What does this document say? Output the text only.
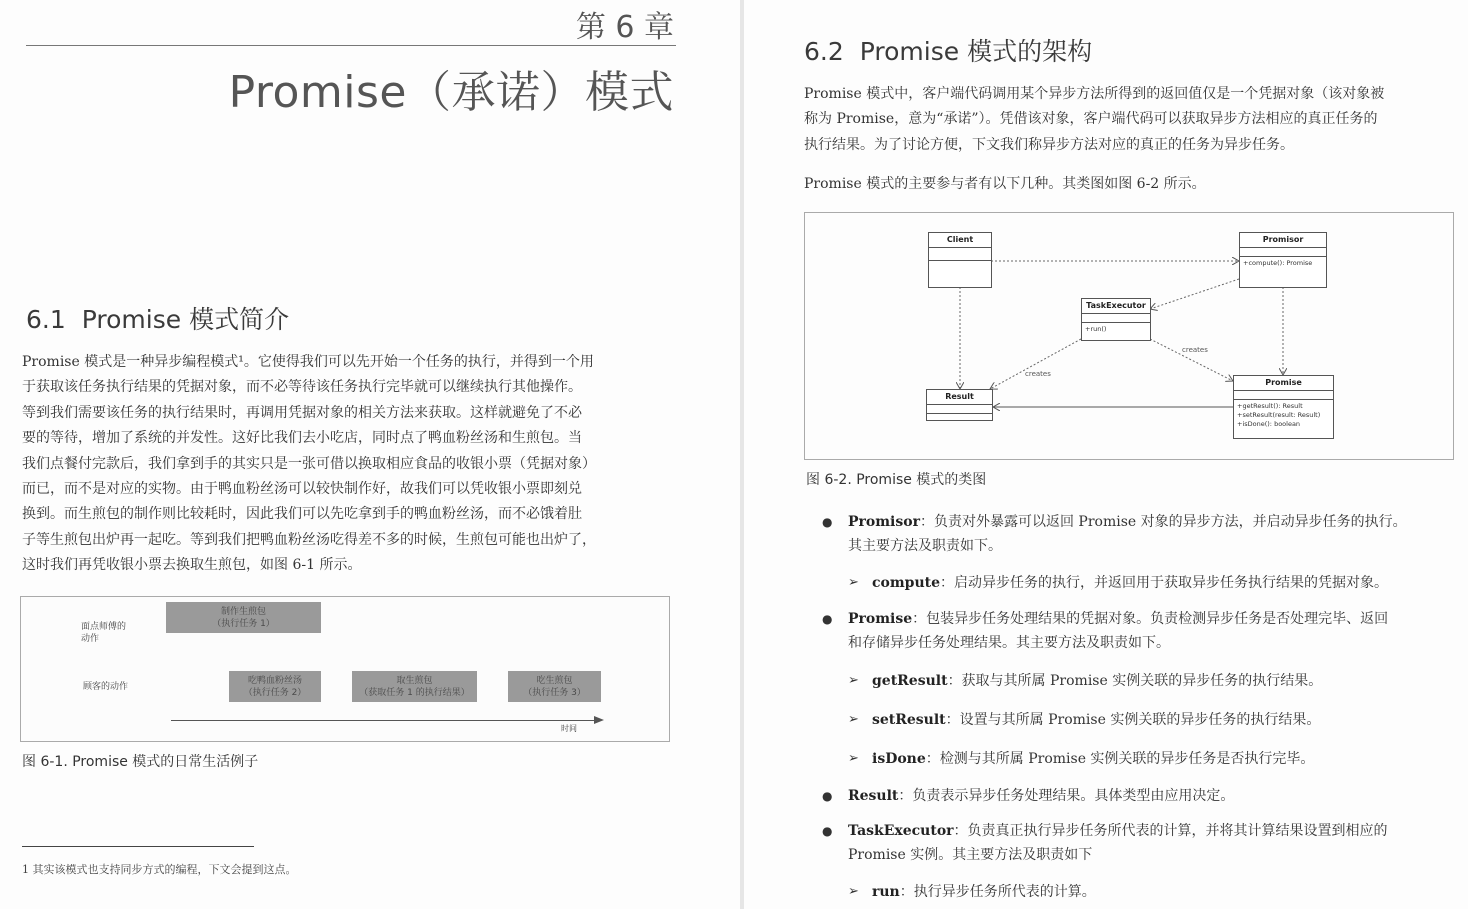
第 6 章
Promise（承诺）模式
6.1 Promise 模式简介

Promise 模式是一种异步编程模式¹。它使得我们可以先开始一个任务的执行，并得到一个用

于获取该任务执行结果的凭据对象，而不必等待该任务执行完毕就可以继续执行其他操作。

等到我们需要该任务的执行结果时，再调用凭据对象的相关方法来获取。这样就避免了不必

要的等待，增加了系统的并发性。这好比我们去小吃店，同时点了鸭血粉丝汤和生煎包。当

我们点餐付完款后，我们拿到手的其实只是一张可借以换取相应食品的收银小票（凭据对象）

而已，而不是对应的实物。由于鸭血粉丝汤可以较快制作好，故我们可以凭收银小票即刻兑

换到。而生煎包的制作则比较耗时，因此我们可以先吃拿到手的鸭血粉丝汤，而不必饿着肚

子等生煎包出炉再一起吃。等到我们把鸭血粉丝汤吃得差不多的时候，生煎包可能也出炉了，

这时我们再凭收银小票去换取生煎包，如图 6-1 所示。

面点师傅的
动作
顾客的动作
制作生煎包
（执行任务 1）
吃鸭血粉丝汤
（执行任务 2）
取生煎包
（获取任务 1 的执行结果）
吃生煎包
（执行任务 3）
时间
图 6-1. Promise 模式的日常生活例子
1 其实该模式也支持同步方式的编程，下文会提到这点。
6.2 Promise 模式的架构

Promise 模式中，客户端代码调用某个异步方法所得到的返回值仅是一个凭据对象（该对象被

称为 Promise，意为“承诺”）。凭借该对象，客户端代码可以获取异步方法相应的真正任务的

执行结果。为了讨论方便，下文我们称异步方法对应的真正的任务为异步任务。

Promise 模式的主要参与者有以下几种。其类图如图 6-2 所示。
Client	Promisor
+compute(): Promise
TaskExecutor
+run()
Result
Promise
+getResult(): Result
+setResult(result: Result)
+isDone(): boolean
creates
creates
图 6-2. Promise 模式的类图
● Promisor：负责对外暴露可以返回 Promise 对象的异步方法，并启动异步任务的执行。
其主要方法及职责如下。
➢ compute：启动异步任务的执行，并返回用于获取异步任务执行结果的凭据对象。
● Promise：包装异步任务处理结果的凭据对象。负责检测异步任务是否处理完毕、返回
和存储异步任务处理结果。其主要方法及职责如下。
➢ getResult：获取与其所属 Promise 实例关联的异步任务的执行结果。
➢ setResult：设置与其所属 Promise 实例关联的异步任务的执行结果。
➢ isDone：检测与其所属 Promise 实例关联的异步任务是否执行完毕。
● Result：负责表示异步任务处理结果。具体类型由应用决定。
● TaskExecutor：负责真正执行异步任务所代表的计算，并将其计算结果设置到相应的
Promise 实例。其主要方法及职责如下
➢ run：执行异步任务所代表的计算。
